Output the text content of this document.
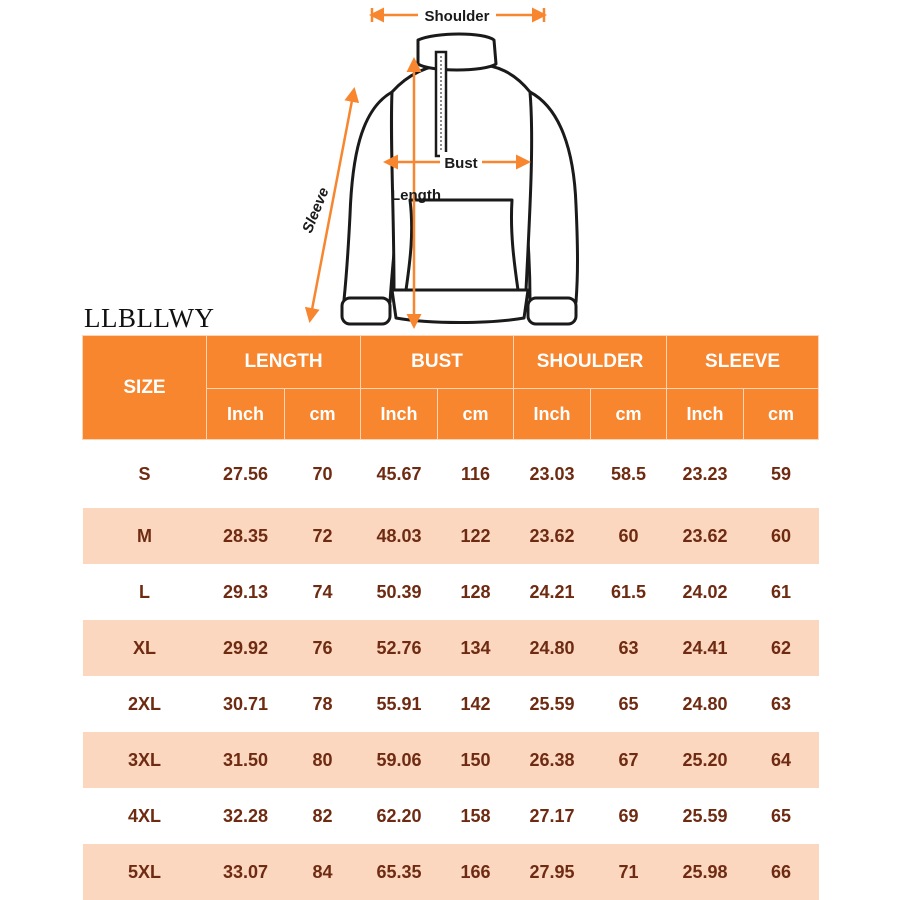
Shoulder
Bust
Length
Sleeve
LLBLLWY
SIZE	LENGTH		BUST		SHOULDER		SLEEVE	
	Inch	cm	Inch	cm	Inch	cm	Inch	cm
S	27.56	70	45.67	116	23.03	58.5	23.23	59
M	28.35	72	48.03	122	23.62	60	23.62	60
L	29.13	74	50.39	128	24.21	61.5	24.02	61
XL	29.92	76	52.76	134	24.80	63	24.41	62
2XL	30.71	78	55.91	142	25.59	65	24.80	63
3XL	31.50	80	59.06	150	26.38	67	25.20	64
4XL	32.28	82	62.20	158	27.17	69	25.59	65
5XL	33.07	84	65.35	166	27.95	71	25.98	66
